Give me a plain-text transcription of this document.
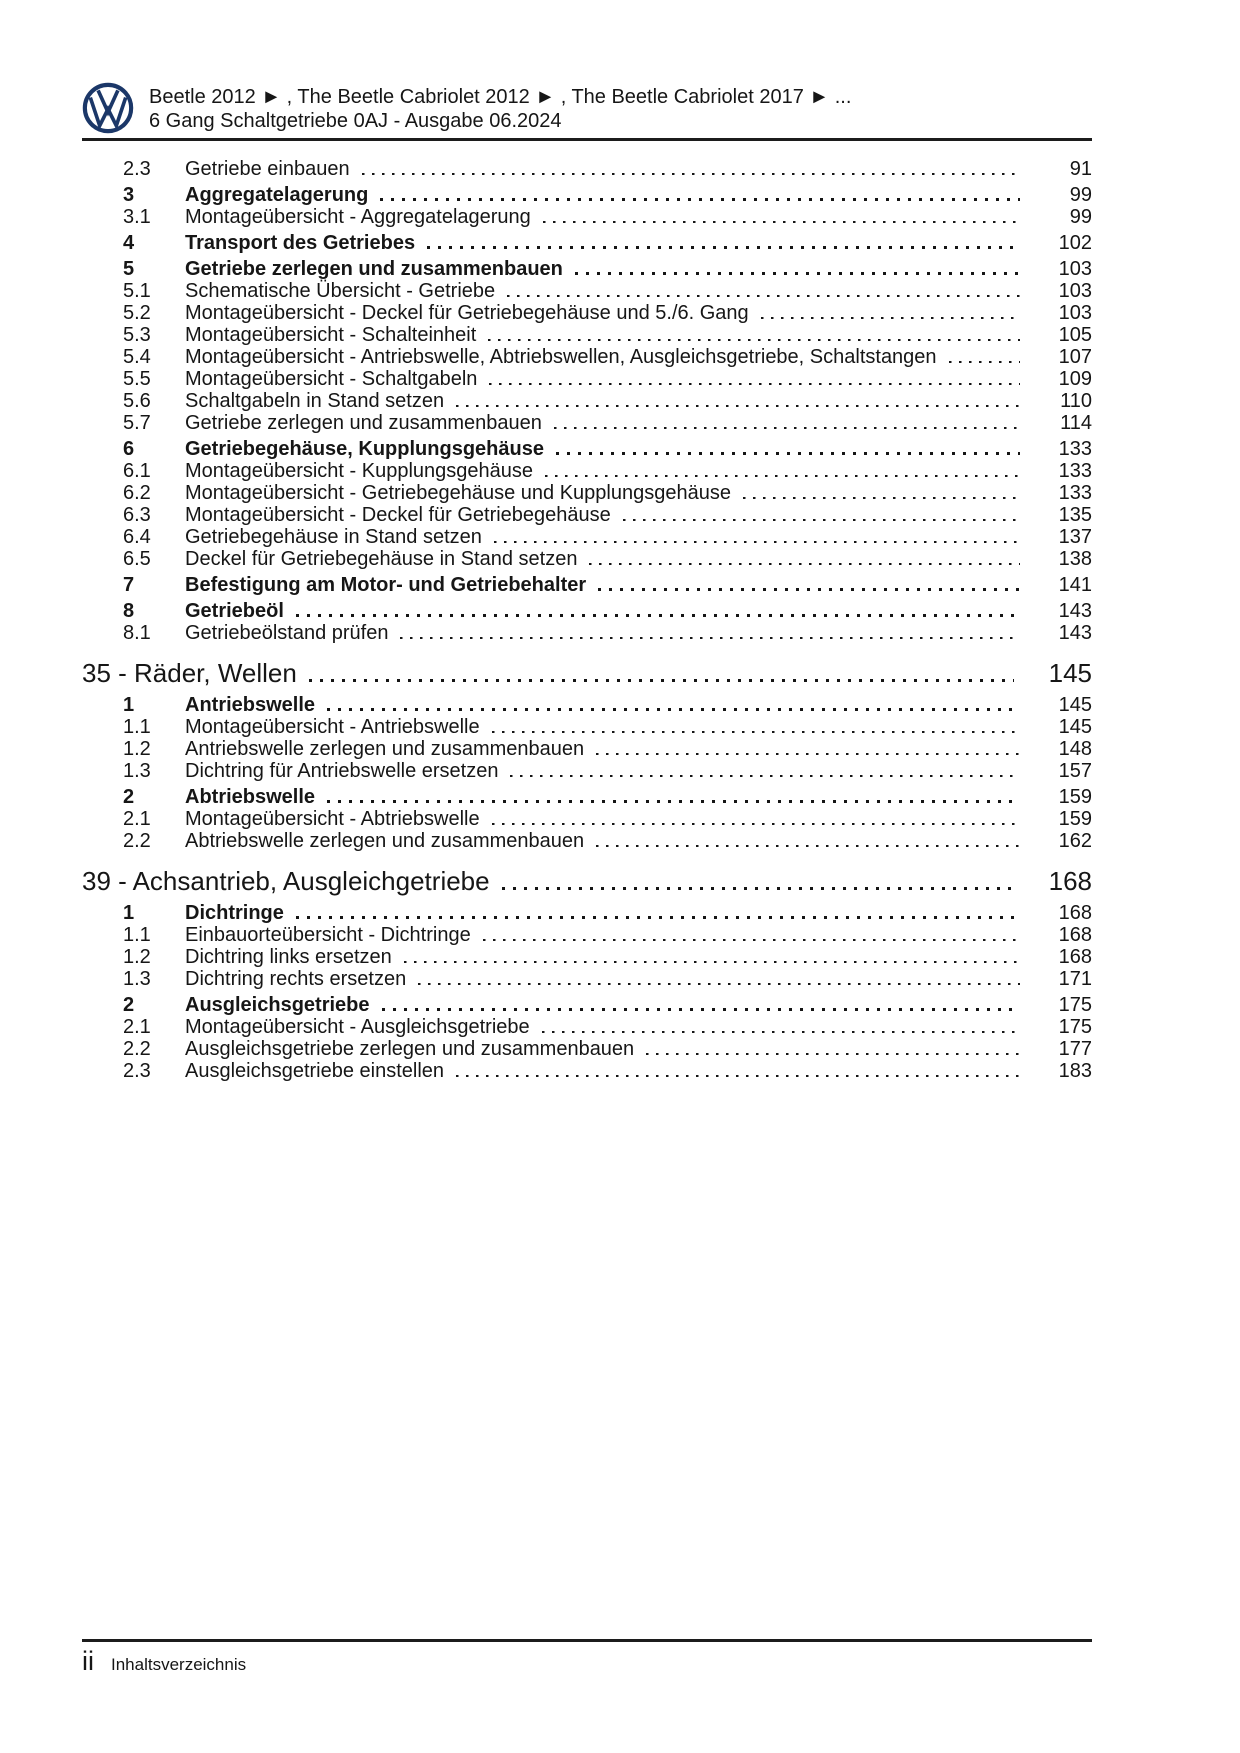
Beetle 2012 ► , The Beetle Cabriolet 2012 ► , The Beetle Cabriolet 2017 ► ...
6 Gang Schaltgetriebe 0AJ - Ausgabe 06.2024
2.3	Getriebe einbauen	91
3	Aggregatelagerung	99
3.1	Montageübersicht - Aggregatelagerung	99
4	Transport des Getriebes	102
5	Getriebe zerlegen und zusammenbauen	103
5.1	Schematische Übersicht - Getriebe	103
5.2	Montageübersicht - Deckel für Getriebegehäuse und 5./6. Gang	103
5.3	Montageübersicht - Schalteinheit	105
5.4	Montageübersicht - Antriebswelle, Abtriebswellen, Ausgleichsgetriebe, Schaltstangen	107
5.5	Montageübersicht - Schaltgabeln	109
5.6	Schaltgabeln in Stand setzen	110
5.7	Getriebe zerlegen und zusammenbauen	114
6	Getriebegehäuse, Kupplungsgehäuse	133
6.1	Montageübersicht - Kupplungsgehäuse	133
6.2	Montageübersicht - Getriebegehäuse und Kupplungsgehäuse	133
6.3	Montageübersicht - Deckel für Getriebegehäuse	135
6.4	Getriebegehäuse in Stand setzen	137
6.5	Deckel für Getriebegehäuse in Stand setzen	138
7	Befestigung am Motor- und Getriebehalter	141
8	Getriebeöl	143
8.1	Getriebeölstand prüfen	143
35 - Räder, Wellen	145
1	Antriebswelle	145
1.1	Montageübersicht - Antriebswelle	145
1.2	Antriebswelle zerlegen und zusammenbauen	148
1.3	Dichtring für Antriebswelle ersetzen	157
2	Abtriebswelle	159
2.1	Montageübersicht - Abtriebswelle	159
2.2	Abtriebswelle zerlegen und zusammenbauen	162
39 - Achsantrieb, Ausgleichgetriebe	168
1	Dichtringe	168
1.1	Einbauorteübersicht - Dichtringe	168
1.2	Dichtring links ersetzen	168
1.3	Dichtring rechts ersetzen	171
2	Ausgleichsgetriebe	175
2.1	Montageübersicht - Ausgleichsgetriebe	175
2.2	Ausgleichsgetriebe zerlegen und zusammenbauen	177
2.3	Ausgleichsgetriebe einstellen	183
ii Inhaltsverzeichnis
